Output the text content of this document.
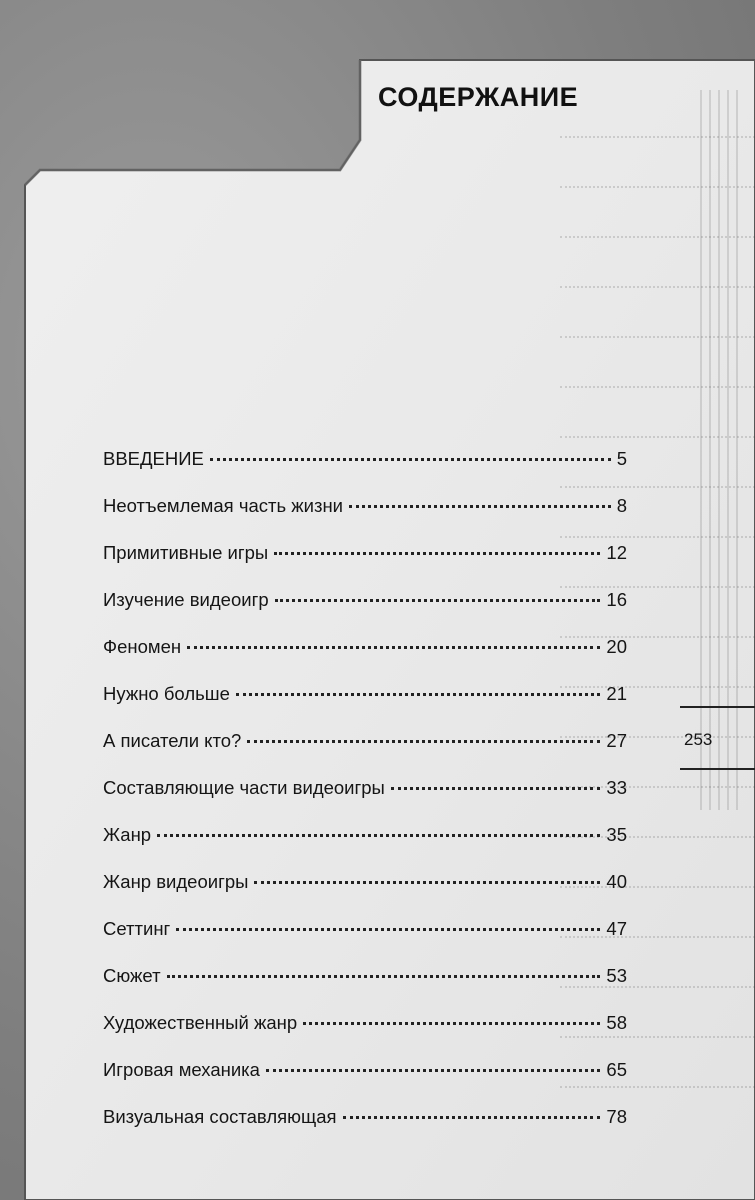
СОДЕРЖАНИЕ
ВВЕДЕНИЕ	5
Неотъемлемая часть жизни	8
Примитивные игры	12
Изучение видеоигр	16
Феномен	20
Нужно больше	21
А писатели кто?	27
Составляющие части видеоигры	33
Жанр	35
Жанр видеоигры	40
Сеттинг	47
Сюжет	53
Художественный жанр	58
Игровая механика	65
Визуальная составляющая	78
253
